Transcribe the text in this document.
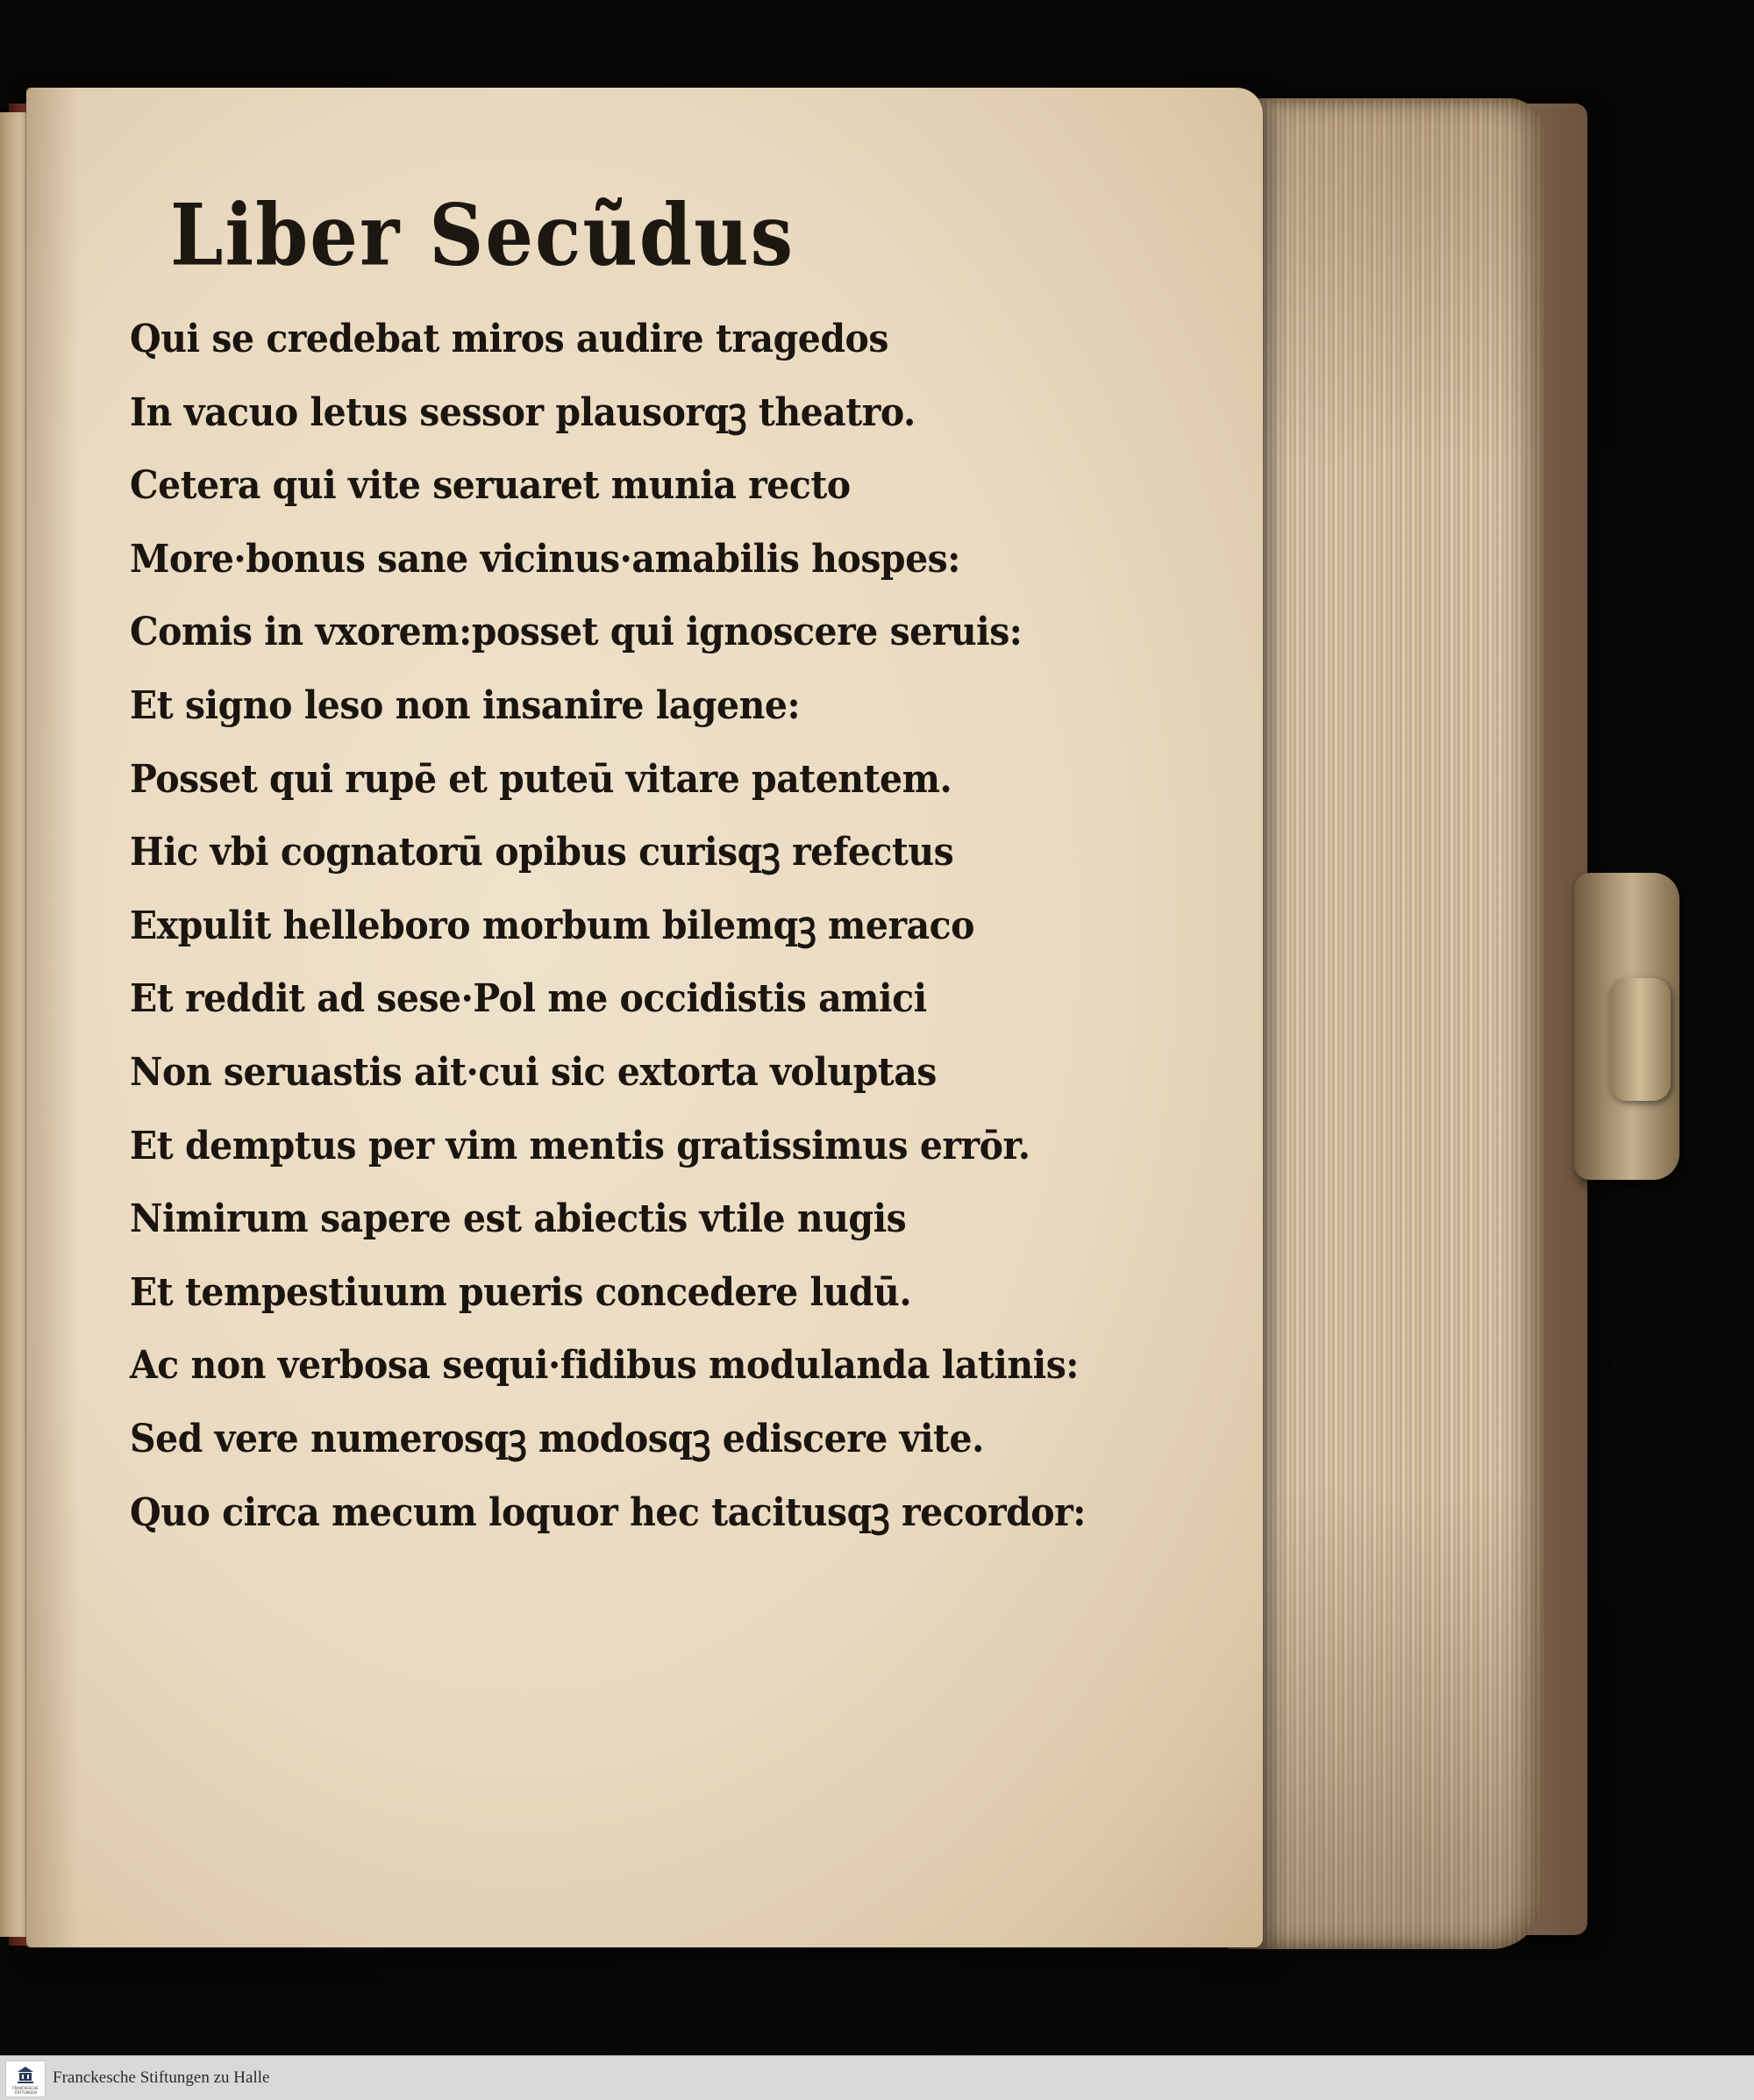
Liber Secũdus
Qui se credebat miros audire tragedos
In vacuo letus sessor plausorqꝫ theatro.
Cetera qui vite seruaret munia recto
More·bonus sane vicinus·amabilis hospes:
Comis in vxorem:posset qui ignoscere seruis:
Et signo leso non insanire lagene:
Posset qui rupē et puteū vitare patentem.
Hic vbi cognatorū opibus curisqꝫ refectus
Expulit helleboro morbum bilemqꝫ meraco
Et reddit ad sese·Pol me occidistis amici
Non seruastis ait·cui sic extorta voluptas
Et demptus per vim mentis gratissimus errōr.
Nimirum sapere est abiectis vtile nugis
Et tempestiuum pueris concedere ludū.
Ac non verbosa sequi·fidibus modulanda latinis:
Sed vere numerosqꝫ modosqꝫ ediscere vite.
Quo circa mecum loquor hec tacitusqꝫ recordor:
FRANCKESCHE STIFTUNGEN
Franckesche Stiftungen zu Halle
